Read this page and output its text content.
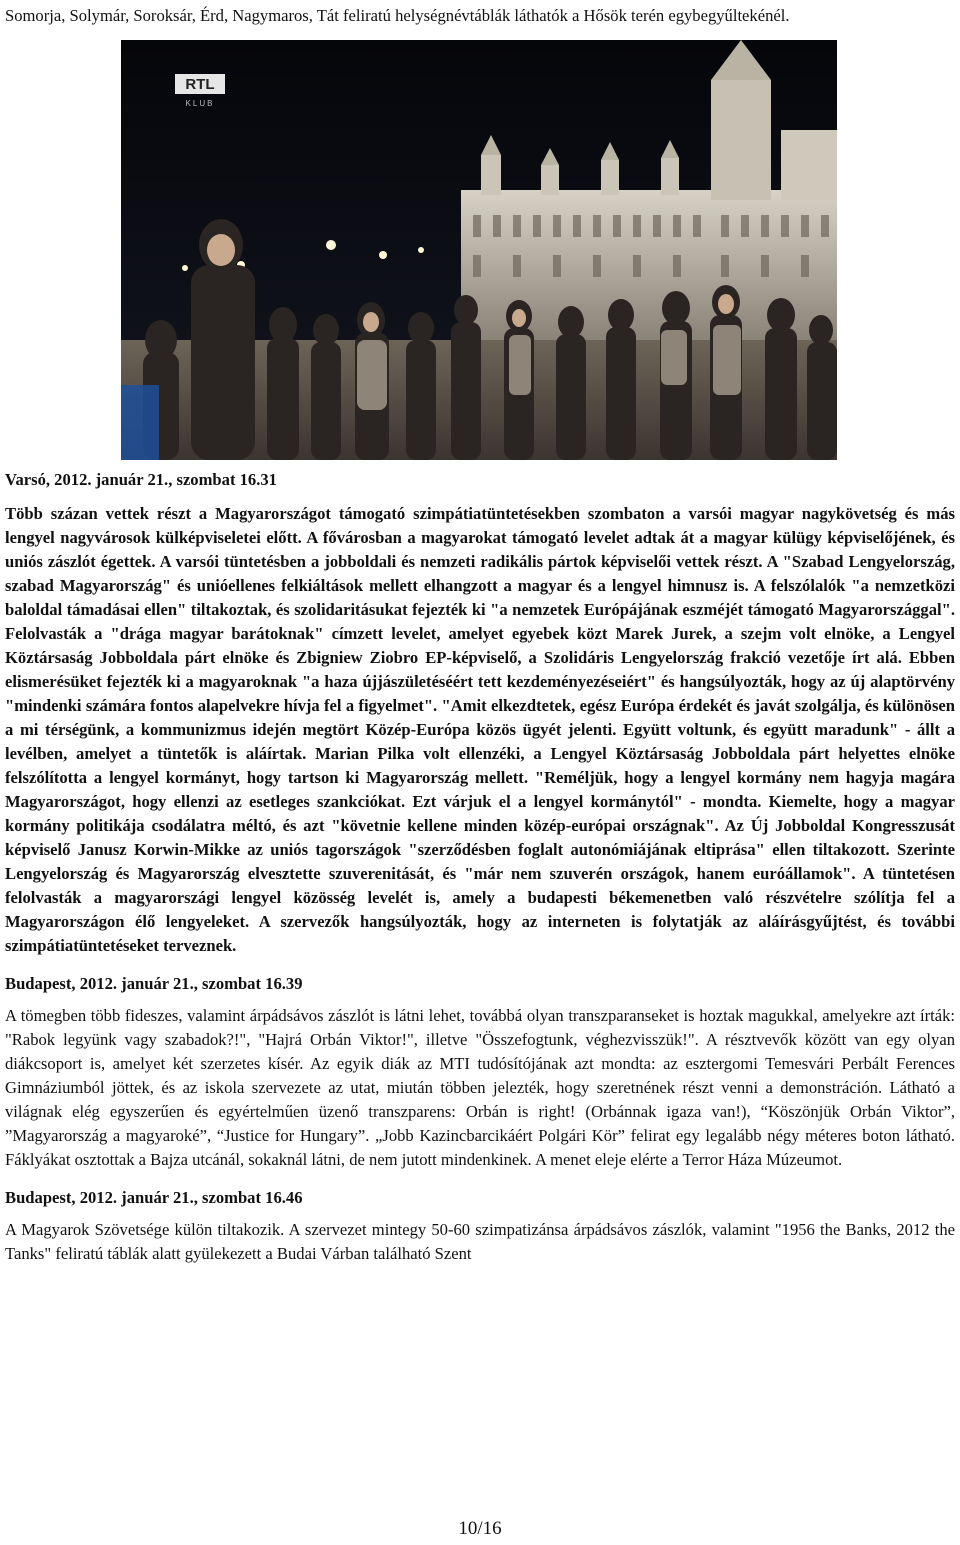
Somorja, Solymár, Soroksár, Érd, Nagymaros, Tát feliratú helységnévtáblák láthatók a Hősök terén egybegyűltekénél.

RTL
KLUB

Varsó, 2012. január 21., szombat 16.31

Több százan vettek részt a Magyarországot támogató szimpátiatüntetésekben szombaton a varsói magyar nagykövetség és más lengyel nagyvárosok külképviseletei előtt. A fővárosban a magyarokat támogató levelet adtak át a magyar külügy képviselőjének, és uniós zászlót égettek. A varsói tüntetésben a jobboldali és nemzeti radikális pártok képviselői vettek részt. A "Szabad Lengyelország, szabad Magyarország" és unióellenes felkiáltások mellett elhangzott a magyar és a lengyel himnusz is. A felszólalók "a nemzetközi baloldal támadásai ellen" tiltakoztak, és szolidaritásukat fejezték ki "a nemzetek Európájának eszméjét támogató Magyarországgal". Felolvasták a "drága magyar barátoknak" címzett levelet, amelyet egyebek közt Marek Jurek, a szejm volt elnöke, a Lengyel Köztársaság Jobboldala párt elnöke és Zbigniew Ziobro EP-képviselő, a Szolidáris Lengyelország frakció vezetője írt alá. Ebben elismerésüket fejezték ki a magyaroknak "a haza újjászületéséért tett kezdeményezéseiért" és hangsúlyozták, hogy az új alaptörvény "mindenki számára fontos alapelvekre hívja fel a figyelmet". "Amit elkezdtetek, egész Európa érdekét és javát szolgálja, és különösen a mi térségünk, a kommunizmus idején megtört Közép-Európa közös ügyét jelenti. Együtt voltunk, és együtt maradunk" - állt a levélben, amelyet a tüntetők is aláírtak. Marian Pilka volt ellenzéki, a Lengyel Köztársaság Jobboldala párt helyettes elnöke felszólította a lengyel kormányt, hogy tartson ki Magyarország mellett. "Reméljük, hogy a lengyel kormány nem hagyja magára Magyarországot, hogy ellenzi az esetleges szankciókat. Ezt várjuk el a lengyel kormánytól" - mondta. Kiemelte, hogy a magyar kormány politikája csodálatra méltó, és azt "követnie kellene minden közép-európai országnak". Az Új Jobboldal Kongresszusát képviselő Janusz Korwin-Mikke az uniós tagországok "szerződésben foglalt autonómiájának eltiprása" ellen tiltakozott. Szerinte Lengyelország és Magyarország elvesztette szuverenitását, és "már nem szuverén országok, hanem euróállamok". A tüntetésen felolvasták a magyarországi lengyel közösség levelét is, amely a budapesti békemenetben való részvételre szólítja fel a Magyarországon élő lengyeleket. A szervezők hangsúlyozták, hogy az interneten is folytatják az aláírásgyűjtést, és további szimpátiatüntetéseket terveznek.

Budapest, 2012. január 21., szombat 16.39

A tömegben több fideszes, valamint árpádsávos zászlót is látni lehet, továbbá olyan transzparanseket is hoztak magukkal, amelyekre azt írták: "Rabok legyünk vagy szabadok?!", "Hajrá Orbán Viktor!", illetve "Összefogtunk, véghezvisszük!". A résztvevők között van egy olyan diákcsoport is, amelyet két szerzetes kísér. Az egyik diák az MTI tudósítójának azt mondta: az esztergomi Temesvári Perbált Ferences Gimnáziumból jöttek, és az iskola szervezete az utat, miután többen jelezték, hogy szeretnének részt venni a demonstráción. Látható a világnak elég egyszerűen és egyértelműen üzenő transzparens: Orbán is right! (Orbánnak igaza van!), “Köszönjük Orbán Viktor”, ”Magyarország a magyaroké”, “Justice for Hungary”. „Jobb Kazincbarcikáért Polgári Kör” felirat egy legalább négy méteres boton látható. Fáklyákat osztottak a Bajza utcánál, sokaknál látni, de nem jutott mindenkinek. A menet eleje elérte a Terror Háza Múzeumot.

Budapest, 2012. január 21., szombat 16.46

A Magyarok Szövetsége külön tiltakozik. A szervezet mintegy 50-60 szimpatizánsa árpádsávos zászlók, valamint "1956 the Banks, 2012 the Tanks" feliratú táblák alatt gyülekezett a Budai Várban található Szent

10/16
